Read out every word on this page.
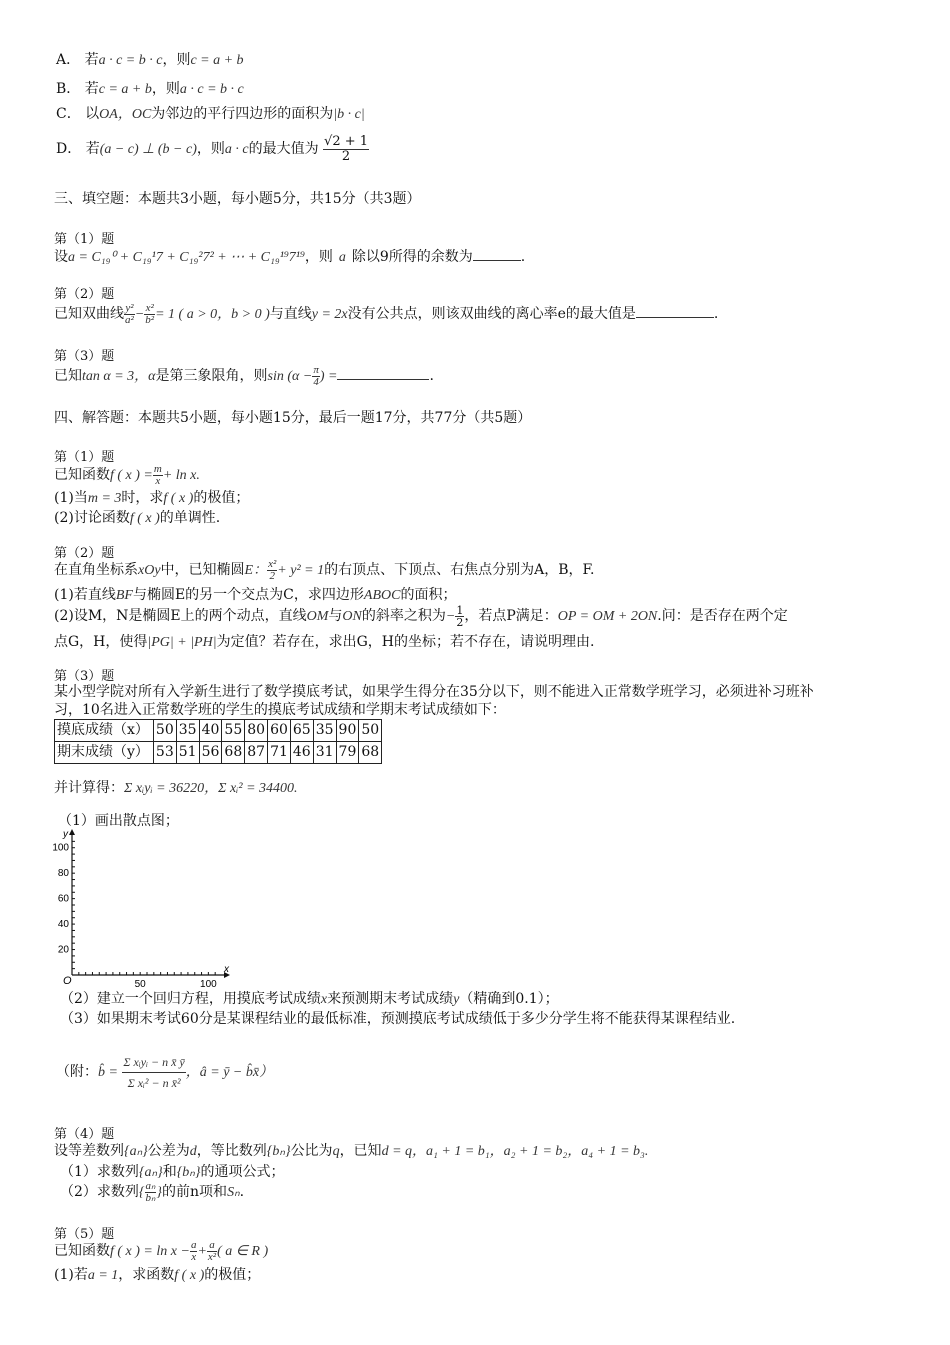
A． 若a · c = b · c，则c = a + b
B． 若c = a + b，则a · c = b · c
C． 以OA，OC为邻边的平行四边形的面积为|b · c|
D． 若(a − c) ⊥ (b − c)，则a · c的最大值为 $\frac{√2 + 1}{2}$
三、填空题：本题共3小题，每小题5分，共15分（共3题）
第（1）题
设a = C₁₉⁰ + C₁₉¹7 + C₁₉²7² + ⋯ + C₁₉¹⁹7¹⁹，则 a 除以9所得的余数为	.
第（2）题
已知双曲线 $\frac{\text{y²}}{\text{a²}} - \frac{\text{x²}}{\text{b²}} = 1$ ( a > 0，b > 0 )与直线y = 2x没有公共点，则该双曲线的离心率e的最大值是	.
第（3）题
已知tan α = 3，α是第三象限角，则$\sin (\alpha - \frac{\pi}{4}$ ) =	.
四、解答题：本题共5小题，每小题15分，最后一题17分，共77分（共5题）
第（1）题
已知函数f ( x ) = $\frac{m}{x} + \ln x$.
(1)当m = 3时，求f ( x )的极值；
(2)讨论函数f ( x )的单调性.
第（2）题
在直角坐标系xOy中，已知椭圆E： $\frac{\text{x²}}{2} + y^2 = 1$的右顶点、下顶点、右焦点分别为A，B，F.
(1)若直线BF与椭圆E的另一个交点为C，求四边形ABOC的面积；
(2)设M，N是椭圆E上的两个动点，直线OM与ON的斜率之积为− $\frac{1}{2}$ ，若点P满足：OP = OM + 2ON.问：是否存在两个定
点G，H，使得|PG| + |PH|为定值？若存在，求出G，H的坐标；若不存在，请说明理由.
第（3）题
某小型学院对所有入学新生进行了数学摸底考试，如果学生得分在35分以下，则不能进入正常数学班学习，必须进补习班补
习，10名进入正常数学班的学生的摸底考试成绩和学期末考试成绩如下：
摸底成绩（x）	50	35	40	55	80	60	65	35	90	50
期末成绩（y）	53	51	56	68	87	71	46	31	79	68
并计算得：Σ xᵢyᵢ = 36220，Σ xᵢ² = 34400.
（1）画出散点图；
50	100
20
40
60
80
100
O
x
y
（2）建立一个回归方程，用摸底考试成绩x来预测期末考试成绩y（精确到0.1）；
（3）如果期末考试60分是某课程结业的最低标准，预测摸底考试成绩低于多少分学生将不能获得某课程结业.
（附：b̂ = $\frac{\text{Σ xᵢyᵢ − n x̄ ȳ}}{\text{Σ xᵢ² − n x̄²}}$ ，â = ȳ − b̂x̄）
第（4）题
设等差数列{aₙ}公差为d，等比数列{bₙ}公比为q，已知d = q，a₁ + 1 = b₁，a₂ + 1 = b₂，a₄ + 1 = b₃.
（1）求数列{aₙ}和{bₙ}的通项公式；
（2）求数列{ $\frac{\text{aₙ}}{\text{bₙ}}$ }的前n项和Sₙ.
第（5）题
已知函数f ( x ) = $\ln x - \frac{a}{x} + \frac{a}{\text{x²}}$ ( a ∈ R )
(1)若a = 1，求函数f ( x )的极值；
